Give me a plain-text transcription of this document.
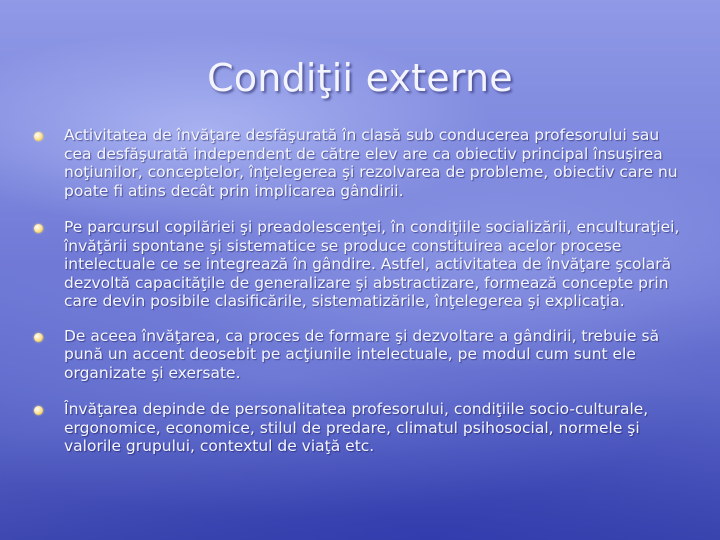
Condiţii externe
Activitatea de învăţare desfăşurată în clasă sub conducerea profesorului sau cea desfăşurată independent de către elev are ca obiectiv principal însuşirea noţiunilor, conceptelor, înţelegerea şi rezolvarea de probleme, obiectiv care nu poate fi atins decât prin implicarea gândirii.
Pe parcursul copilăriei şi preadolescenţei, în condiţiile socializării, enculturaţiei, învăţării spontane şi sistematice se produce constituirea acelor procese intelectuale ce se integrează în gândire. Astfel, activitatea de învăţare şcolară dezvoltă capacităţile de generalizare şi abstractizare, formează concepte prin care devin posibile clasificările, sistematizările, înţelegerea şi explicaţia.
De aceea învăţarea, ca proces de formare şi dezvoltare a gândirii, trebuie să pună un accent deosebit pe acţiunile intelectuale, pe modul cum sunt ele organizate şi exersate.
Învăţarea depinde de personalitatea profesorului, condiţiile socio-culturale, ergonomice, economice, stilul de predare, climatul psihosocial, normele şi valorile grupului, contextul de viaţă etc.
